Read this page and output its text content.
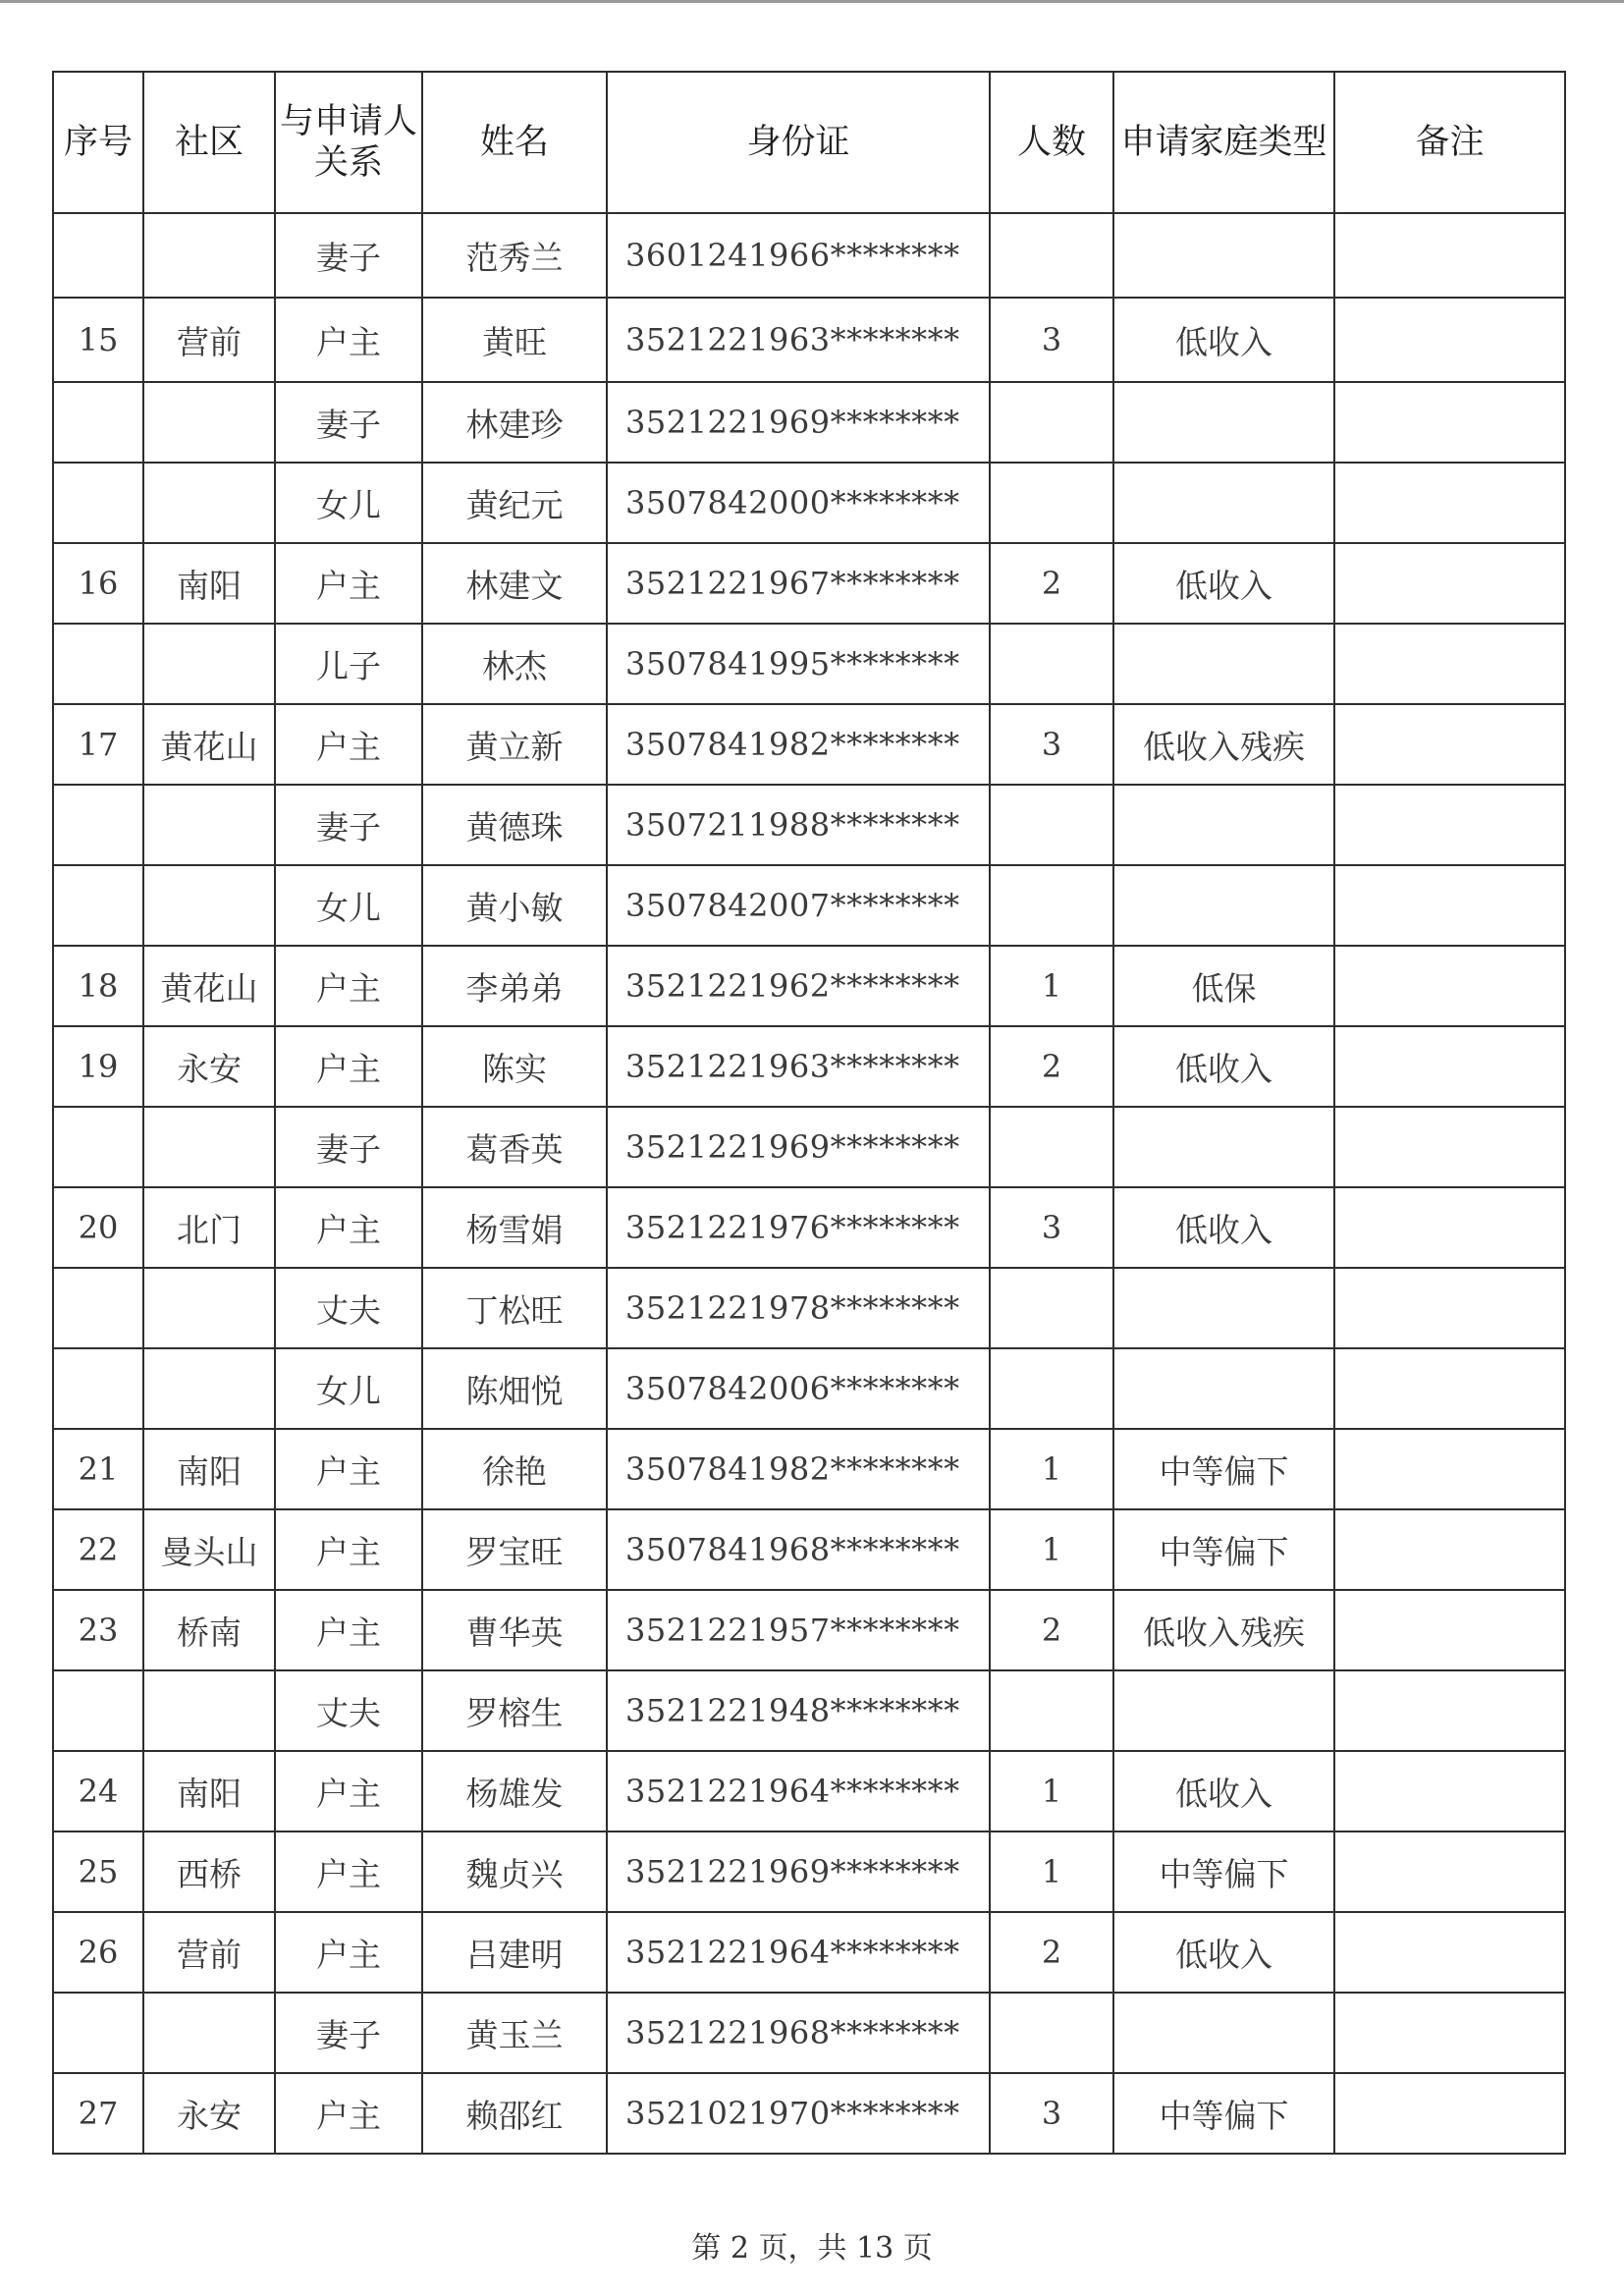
序号	社区	与申请人关系	姓名	身份证	人数	申请家庭类型	备注
		妻子	范秀兰	3601241966********			
15	营前	户主	黄旺	3521221963********	3	低收入	
		妻子	林建珍	3521221969********			
		女儿	黄纪元	3507842000********			
16	南阳	户主	林建文	3521221967********	2	低收入	
		儿子	林杰	3507841995********			
17	黄花山	户主	黄立新	3507841982********	3	低收入残疾	
		妻子	黄德珠	3507211988********			
		女儿	黄小敏	3507842007********			
18	黄花山	户主	李弟弟	3521221962********	1	低保	
19	永安	户主	陈实	3521221963********	2	低收入	
		妻子	葛香英	3521221969********			
20	北门	户主	杨雪娟	3521221976********	3	低收入	
		丈夫	丁松旺	3521221978********			
		女儿	陈畑悦	3507842006********			
21	南阳	户主	徐艳	3507841982********	1	中等偏下	
22	曼头山	户主	罗宝旺	3507841968********	1	中等偏下	
23	桥南	户主	曹华英	3521221957********	2	低收入残疾	
		丈夫	罗榕生	3521221948********			
24	南阳	户主	杨雄发	3521221964********	1	低收入	
25	西桥	户主	魏贞兴	3521221969********	1	中等偏下	
26	营前	户主	吕建明	3521221964********	2	低收入	
		妻子	黄玉兰	3521221968********			
27	永安	户主	赖邵红	3521021970********	3	中等偏下	
第 2 页，共 13 页
